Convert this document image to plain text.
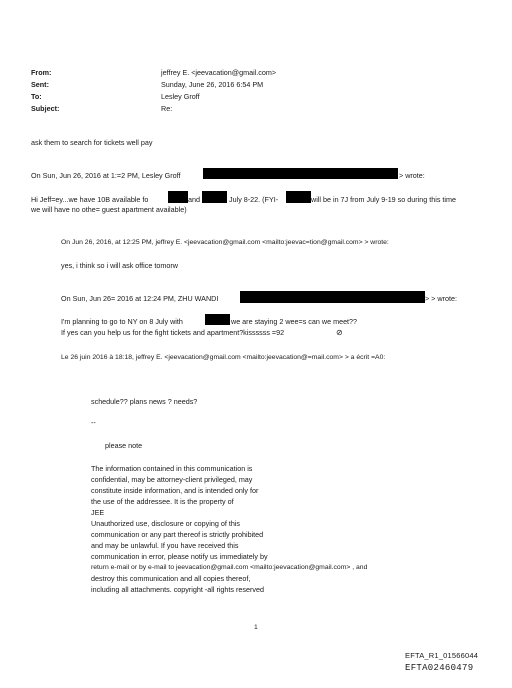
From:	jeffrey E. <jeevacation@gmail.com>
Sent:	Sunday, June 26, 2016 6:54 PM
To:	Lesley Groff
Subject:	Re:
ask them to search for tickets well pay
On Sun, Jun 26, 2016 at 1:=2 PM, Lesley Groff	> wrote:
Hi Jeff=ey...we have 10B available fo	and	July 8-22. (FYI-	will be in 7J from July 9-19 so during this time
we will have no othe= guest apartment available)
On Jun 26, 2016, at 12:25 PM, jeffrey E. <jeevacation@gmail.com <mailto:jeevac=tion@gmail.com> > wrote:
yes, i think so i will ask office tomorw
On Sun, Jun 26= 2016 at 12:24 PM, ZHU WANDI	> > wrote:
I'm planning to go to NY on 8 July with	we are staying 2 wee=s can we meet??
If yes can you help us for the fight tickets and apartment?kissssss =92	⊘
Le 26 juin 2016 à 18:18, jeffrey E. <jeevacation@gmail.com <mailto:jeevacation@=mail.com> > a écrit =A0:
schedule?? plans news ? needs?
--
please note
The information contained in this communication is
confidential, may be attorney-client privileged, may
constitute inside information, and is intended only for
the use of the addressee. It is the property of
JEE
Unauthorized use, disclosure or copying of this
communication or any part thereof is strictly prohibited
and may be unlawful. If you have received this
communication in error, please notify us immediately by
return e-mail or by e-mail to jeevacation@gmail.com <mailto:jeevacation@gmail.com> , and
destroy this communication and all copies thereof,
including all attachments. copyright -all rights reserved
1
EFTA_R1_01566044
EFTA02460479
